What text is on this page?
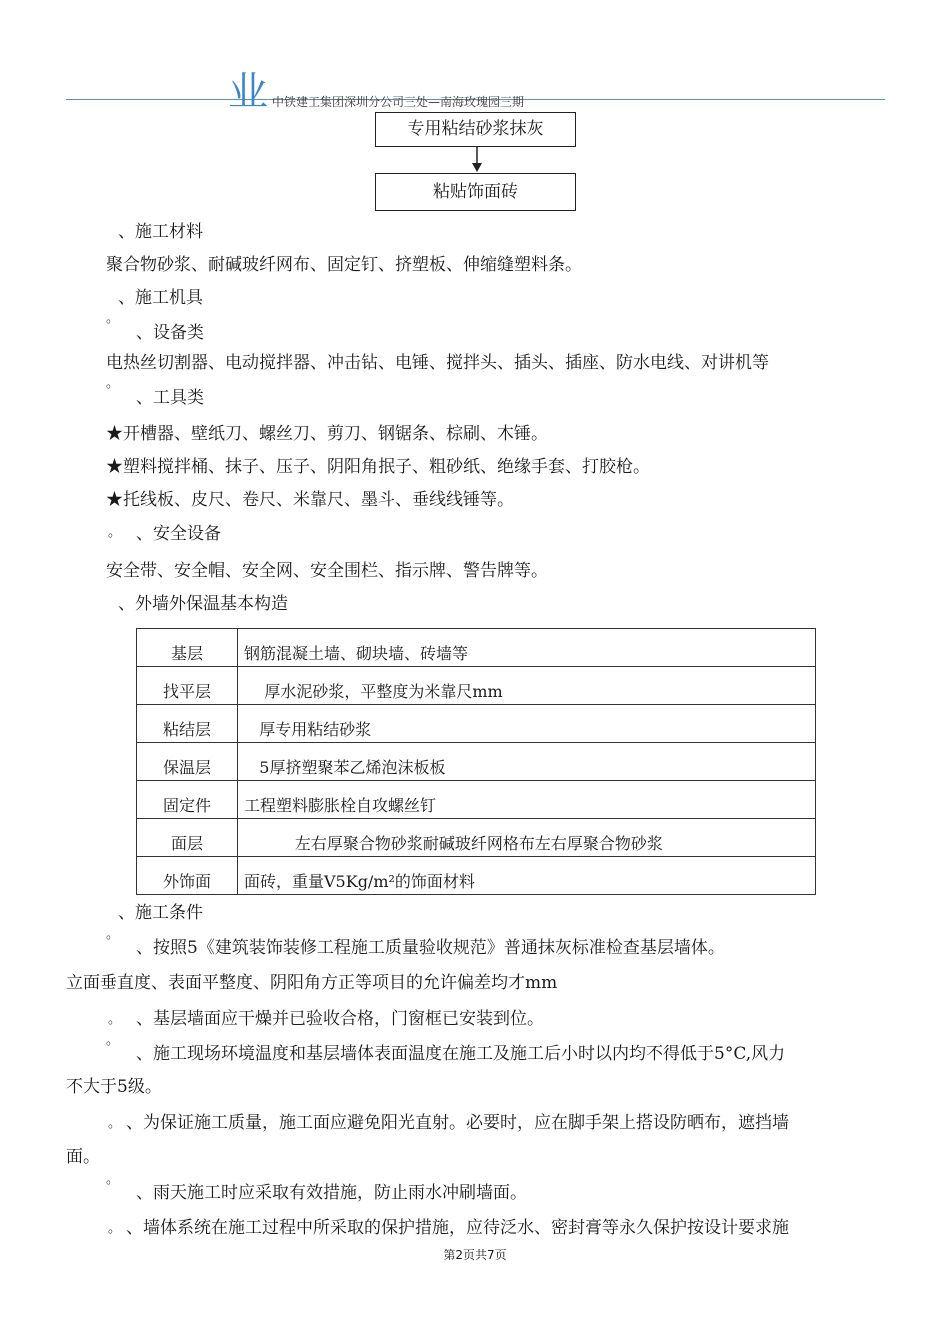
业 中铁建工集团深圳分公司三处—南海玫瑰园三期
专用粘结砂浆抹灰
粘贴饰面砖
、施工材料
聚合物砂浆、耐碱玻纤网布、固定钉、挤塑板、伸缩缝塑料条。
、施工机具
。
、设备类
电热丝切割器、电动搅拌器、冲击钻、电锤、搅拌头、插头、插座、防水电线、对讲机等
。
、工具类
★开槽器、壁纸刀、螺丝刀、剪刀、钢锯条、棕刷、木锤。
★塑料搅拌桶、抹子、压子、阴阳角抿子、粗砂纸、绝缘手套、打胶枪。
★托线板、皮尺、卷尺、米靠尺、墨斗、垂线线锤等。
。 、安全设备
安全带、安全帽、安全网、安全围栏、指示牌、警告牌等。
、外墙外保温基本构造
基层	钢筋混凝土墙、砌块墙、砖墙等
找平层	厚水泥砂浆，平整度为米靠尺mm
粘结层	厚专用粘结砂浆
保温层	5厚挤塑聚苯乙烯泡沫板板
固定件	工程塑料膨胀栓自攻螺丝钉
面层	左右厚聚合物砂浆耐碱玻纤网格布左右厚聚合物砂浆
外饰面	面砖，重量V5Kg/m²的饰面材料
、施工条件
。
、按照5《建筑装饰装修工程施工质量验收规范》普通抹灰标准检查基层墙体。
立面垂直度、表面平整度、阴阳角方正等项目的允许偏差均才mm
。 、基层墙面应干燥并已验收合格，门窗框已安装到位。
。
、施工现场环境温度和基层墙体表面温度在施工及施工后小时以内均不得低于5°C,风力
不大于5级。
。 、为保证施工质量，施工面应避免阳光直射。必要时，应在脚手架上搭设防晒布，遮挡墙
面。
。
、雨天施工时应采取有效措施，防止雨水冲刷墙面。
。 、墙体系统在施工过程中所采取的保护措施，应待泛水、密封膏等永久保护按设计要求施
第2页共7页
